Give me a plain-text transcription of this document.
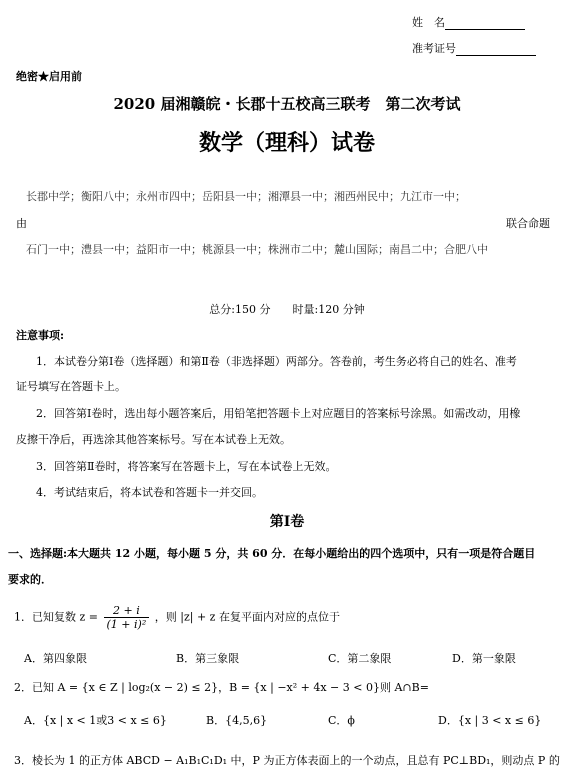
姓　名
准考证号
绝密★启用前
2020 届湘赣皖・长郡十五校高三联考　第二次考试
数学（理科）试卷
长郡中学；衡阳八中；永州市四中；岳阳县一中；湘潭县一中；湘西州民中；九江市一中；
由	联合命题
石门一中；澧县一中；益阳市一中；桃源县一中；株洲市二中；麓山国际；南昌二中；合肥八中
总分:150 分　　时量:120 分钟
注意事项:
1．本试卷分第Ⅰ卷（选择题）和第Ⅱ卷（非选择题）两部分。答卷前，考生务必将自己的姓名、准考
证号填写在答题卡上。
2．回答第Ⅰ卷时，选出每小题答案后，用铅笔把答题卡上对应题目的答案标号涂黑。如需改动，用橡
皮擦干净后，再选涂其他答案标号。写在本试卷上无效。
3．回答第Ⅱ卷时，将答案写在答题卡上，写在本试卷上无效。
4．考试结束后，将本试卷和答题卡一并交回。
第Ⅰ卷
一、选择题:本大题共 12 小题，每小题 5 分，共 60 分．在每小题给出的四个选项中，只有一项是符合题目
要求的．
1．已知复数 $z = \frac{2 + i}{\text{(1 + i)²}}$ ，则 |z| + z 在复平面内对应的点位于
A．第四象限	B．第三象限	C．第二象限	D．第一象限
2．已知 A = {x ∈ Z | log₂(x − 2) ≤ 2}，B = {x | −x² + 4x − 3 < 0}则 A∩B=
A．{x | x < 1或3 < x ≤ 6}	B．{4,5,6}	C．ϕ	D．{x | 3 < x ≤ 6}
3．棱长为 1 的正方体 ABCD − A₁B₁C₁D₁ 中，P 为正方体表面上的一个动点，且总有 PC⊥BD₁，则动点 P 的
